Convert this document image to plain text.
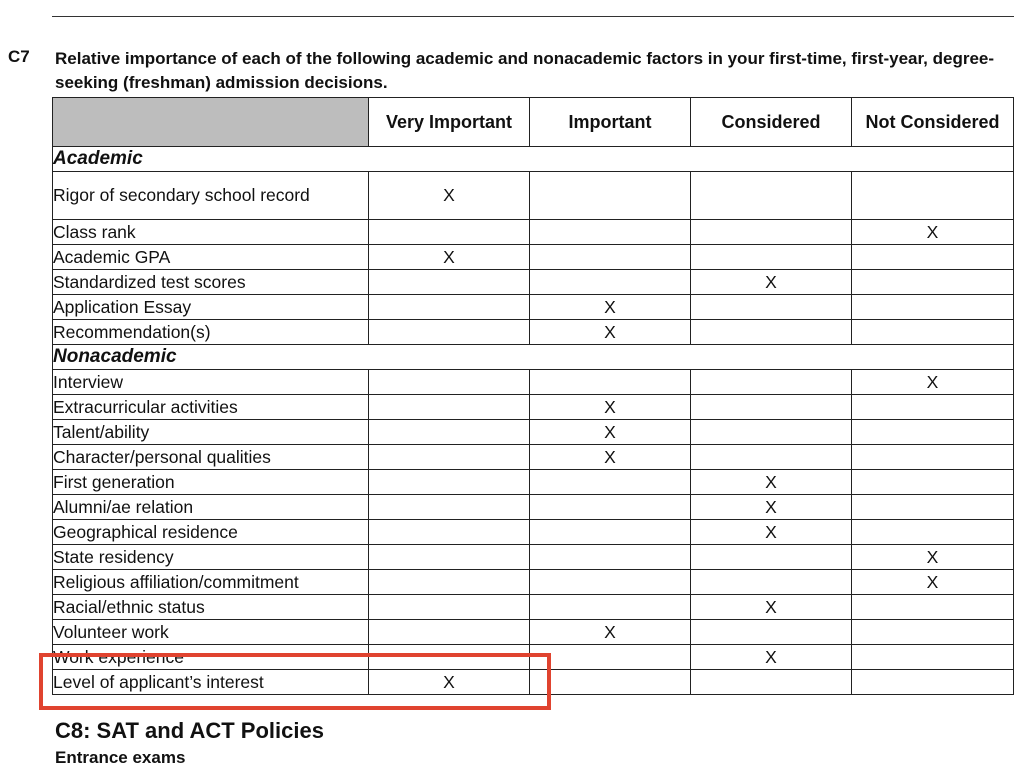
C7 Relative importance of each of the following academic and nonacademic factors in your first-time, first-year, degree-seeking (freshman) admission decisions.
	Very Important	Important	Considered	Not Considered
Academic				
Rigor of secondary school record	X			
Class rank				X
Academic GPA	X			
Standardized test scores			X	
Application Essay		X		
Recommendation(s)		X		
Nonacademic				
Interview				X
Extracurricular activities		X		
Talent/ability		X		
Character/personal qualities		X		
First generation			X	
Alumni/ae relation			X	
Geographical residence			X	
State residency				X
Religious affiliation/commitment				X
Racial/ethnic status			X	
Volunteer work		X		
Work experience			X	
Level of applicant’s interest	X			
C8: SAT and ACT Policies
Entrance exams
